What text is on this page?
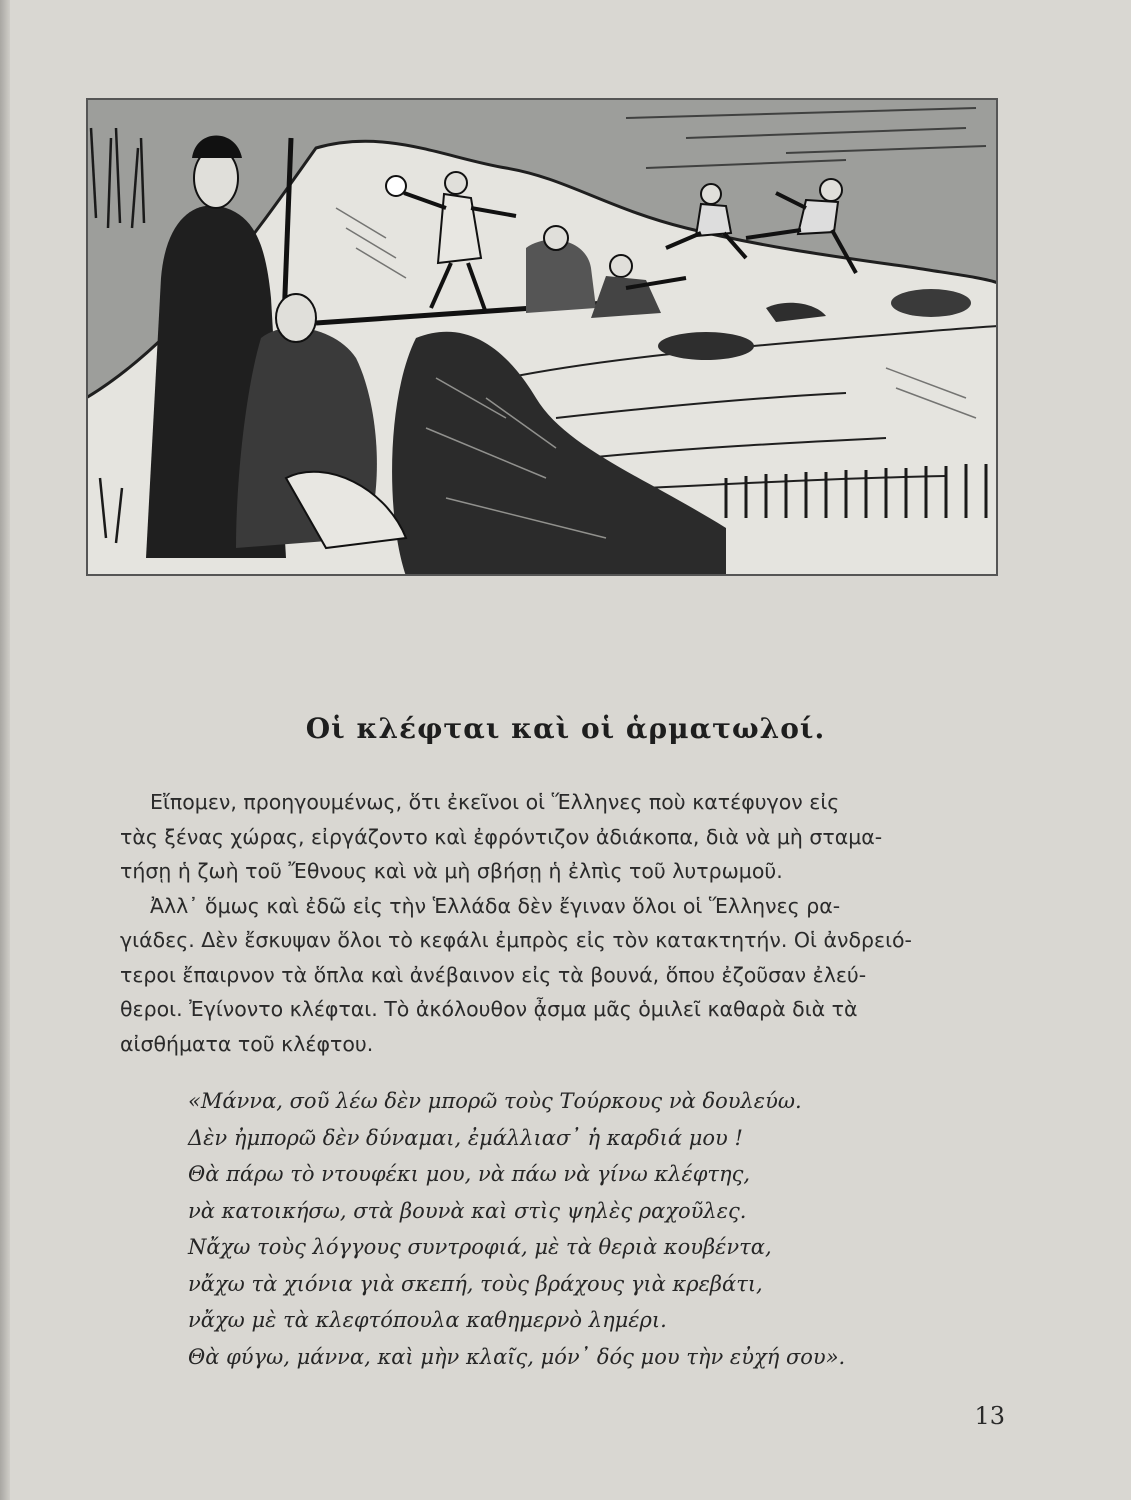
Οἱ κλέφται καὶ οἱ ἁρματωλοί.

Εἴπομεν, προηγουμένως, ὅτι ἐκεῖνοι οἱ Ἕλληνες ποὺ κατέφυγον εἰς
τὰς ξένας χώρας, εἰργάζοντο καὶ ἐφρόντιζον ἀδιάκοπα, διὰ νὰ μὴ σταμα-
τήσῃ ἡ ζωὴ τοῦ Ἔθνους καὶ νὰ μὴ σβήσῃ ἡ ἐλπὶς τοῦ λυτρωμοῦ.

Ἀλλ᾽ ὅμως καὶ ἐδῶ εἰς τὴν Ἑλλάδα δὲν ἔγιναν ὅλοι οἱ Ἕλληνες ρα-
γιάδες. Δὲν ἔσκυψαν ὅλοι τὸ κεφάλι ἐμπρὸς εἰς τὸν κατακτητήν. Οἱ ἀνδρειό-
τεροι ἔπαιρνον τὰ ὅπλα καὶ ἀνέβαινον εἰς τὰ βουνά, ὅπου ἐζοῦσαν ἐλεύ-
θεροι. Ἐγίνοντο κλέφται. Τὸ ἀκόλουθον ᾆσμα μᾶς ὁμιλεῖ καθαρὰ διὰ τὰ
αἰσθήματα τοῦ κλέφτου.

«Μάννα, σοῦ λέω δὲν μπορῶ τοὺς Τούρκους νὰ δουλεύω.
Δὲν ἠμπορῶ δὲν δύναμαι, ἐμάλλιασ᾽ ἡ καρδιά μου !
Θὰ πάρω τὸ ντουφέκι μου, νὰ πάω νὰ γίνω κλέφτης,
νὰ κατοικήσω, στὰ βουνὰ καὶ στὶς ψηλὲς ραχοῦλες.
Νἄχω τοὺς λόγγους συντροφιά, μὲ τὰ θεριὰ κουβέντα,
νἄχω τὰ χιόνια γιὰ σκεπή, τοὺς βράχους γιὰ κρεβάτι,
νἄχω μὲ τὰ κλεφτόπουλα καθημερνὸ λημέρι.
Θὰ φύγω, μάννα, καὶ μὴν κλαῖς, μόν᾽ δός μου τὴν εὐχή σου».
13
